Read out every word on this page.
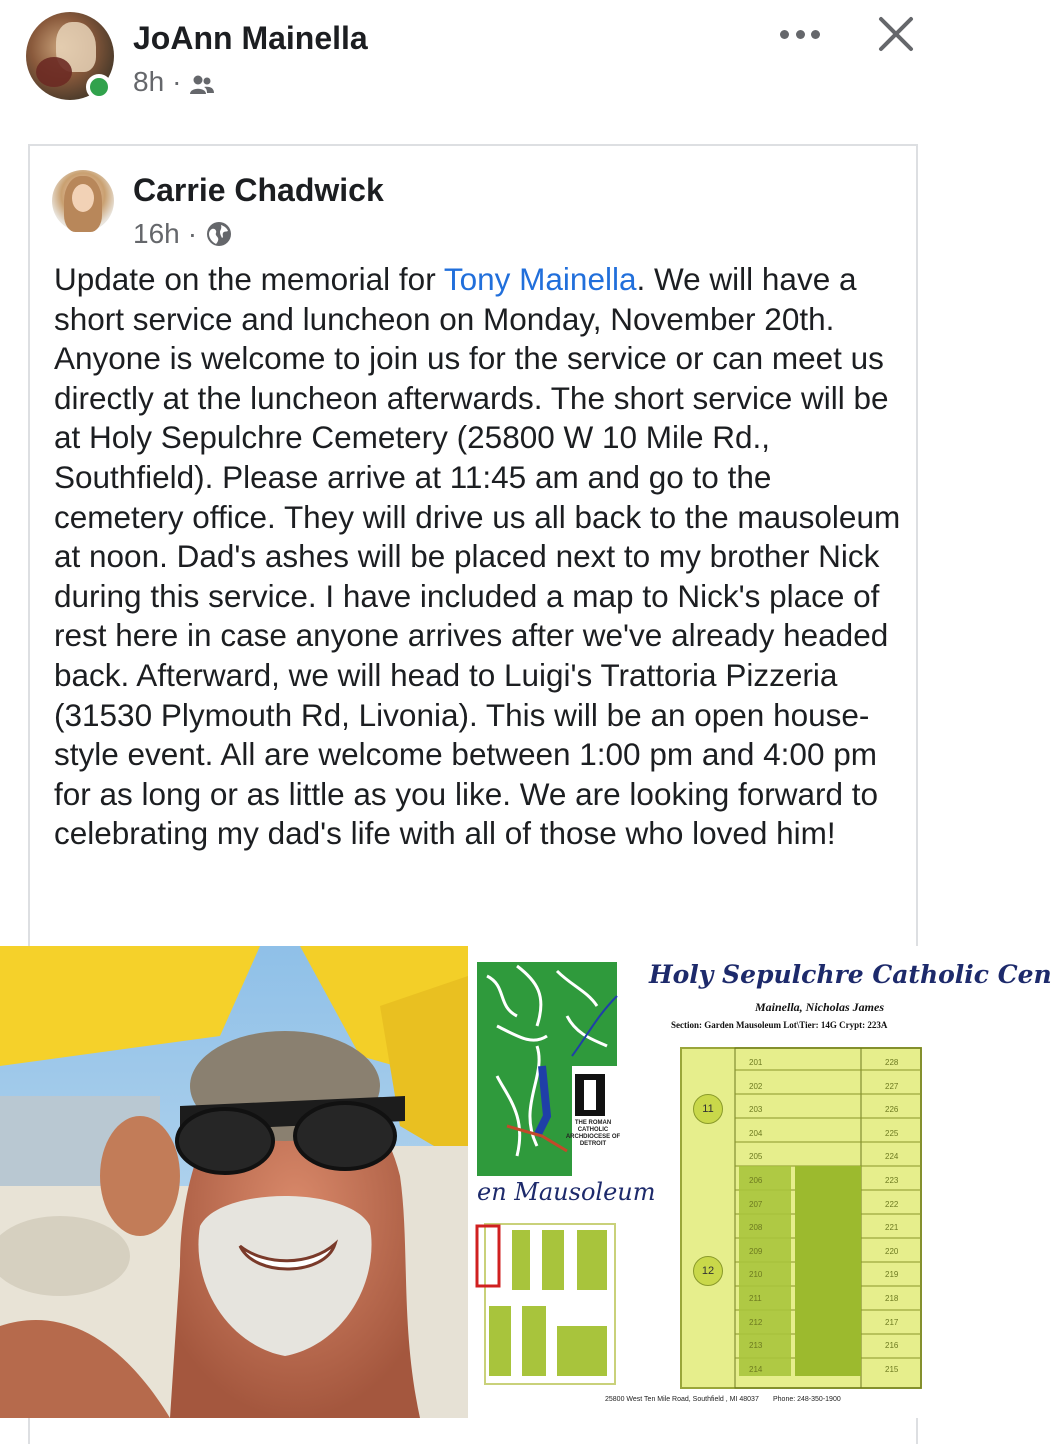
JoAnn Mainella
8h ·
Carrie Chadwick
16h ·
Update on the memorial for Tony Mainella. We will have a short service and luncheon on Monday, November 20th. Anyone is welcome to join us for the service or can meet us directly at the luncheon afterwards. The short service will be at Holy Sepulchre Cemetery (25800 W 10 Mile Rd., Southfield). Please arrive at 11:45 am and go to the cemetery office. They will drive us all back to the mausoleum at noon. Dad's ashes will be placed next to my brother Nick during this service. I have included a map to Nick's place of rest here in case anyone arrives after we've already headed back. Afterward, we will head to Luigi's Trattoria Pizzeria (31530 Plymouth Rd, Livonia). This will be an open house-style event. All are welcome between 1:00 pm and 4:00 pm for as long or as little as you like. We are looking forward to celebrating my dad's life with all of those who loved him!
Holy Sepulchre Catholic Cen
Mainella, Nicholas James
Section: Garden Mausoleum Lot\Tier: 14G Crypt: 223A
en Mausoleum
THE ROMAN CATHOLIC ARCHDIOCESE OF DETROIT
25800 West Ten Mile Road, Southfield , MI 48037 Phone: 248-350-1900
11
12
201
202
203
204
205
206
207
208
209
210
211
212
213
214
228
227
226
225
224
223
222
221
220
219
218
217
216
215
